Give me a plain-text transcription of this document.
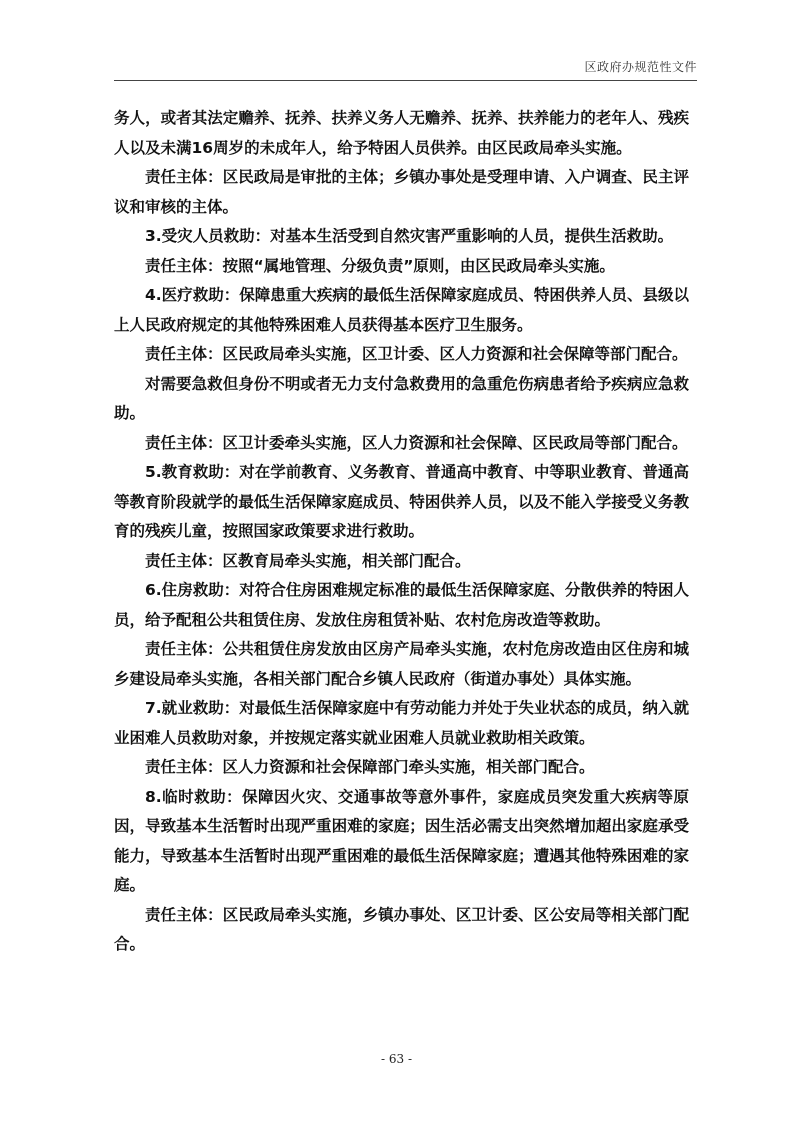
区政府办规范性文件

务人，或者其法定赡养、抚养、扶养义务人无赡养、抚养、扶养能力的老年人、残疾人以及未满16周岁的未成年人，给予特困人员供养。由区民政局牵头实施。

责任主体：区民政局是审批的主体；乡镇办事处是受理申请、入户调查、民主评议和审核的主体。

3.受灾人员救助：对基本生活受到自然灾害严重影响的人员，提供生活救助。

责任主体：按照“属地管理、分级负责”原则，由区民政局牵头实施。

4.医疗救助：保障患重大疾病的最低生活保障家庭成员、特困供养人员、县级以上人民政府规定的其他特殊困难人员获得基本医疗卫生服务。

责任主体：区民政局牵头实施，区卫计委、区人力资源和社会保障等部门配合。

对需要急救但身份不明或者无力支付急救费用的急重危伤病患者给予疾病应急救助。

责任主体：区卫计委牵头实施，区人力资源和社会保障、区民政局等部门配合。

5.教育救助：对在学前教育、义务教育、普通高中教育、中等职业教育、普通高等教育阶段就学的最低生活保障家庭成员、特困供养人员，以及不能入学接受义务教育的残疾儿童，按照国家政策要求进行救助。

责任主体：区教育局牵头实施，相关部门配合。

6.住房救助：对符合住房困难规定标准的最低生活保障家庭、分散供养的特困人员，给予配租公共租赁住房、发放住房租赁补贴、农村危房改造等救助。

责任主体：公共租赁住房发放由区房产局牵头实施，农村危房改造由区住房和城乡建设局牵头实施，各相关部门配合乡镇人民政府（街道办事处）具体实施。

7.就业救助：对最低生活保障家庭中有劳动能力并处于失业状态的成员，纳入就业困难人员救助对象，并按规定落实就业困难人员就业救助相关政策。

责任主体：区人力资源和社会保障部门牵头实施，相关部门配合。

8.临时救助：保障因火灾、交通事故等意外事件，家庭成员突发重大疾病等原因，导致基本生活暂时出现严重困难的家庭；因生活必需支出突然增加超出家庭承受能力，导致基本生活暂时出现严重困难的最低生活保障家庭；遭遇其他特殊困难的家庭。

责任主体：区民政局牵头实施，乡镇办事处、区卫计委、区公安局等相关部门配合。

- 63 -
